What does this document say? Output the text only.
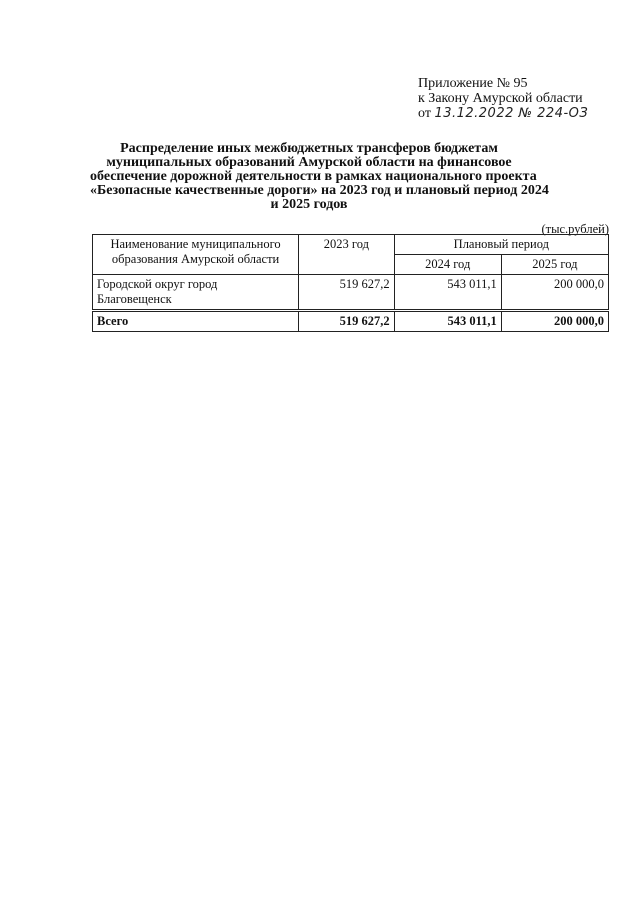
Приложение № 95
к Закону Амурской области
от 13.12.2022 № 224-ОЗ
Распределение иных межбюджетных трансферов бюджетам
муниципальных образований Амурской области на финансовое
обеспечение дорожной деятельности в рамках национального проекта
«Безопасные качественные дороги» на 2023 год и плановый период 2024
и 2025 годов
(тыс.рублей)
Наименование муниципального образования Амурской области	2023 год	Плановый период	
		2024 год	2025 год
Городской округ город Благовещенск	519 627,2	543 011,1	200 000,0
Всего	519 627,2	543 011,1	200 000,0
